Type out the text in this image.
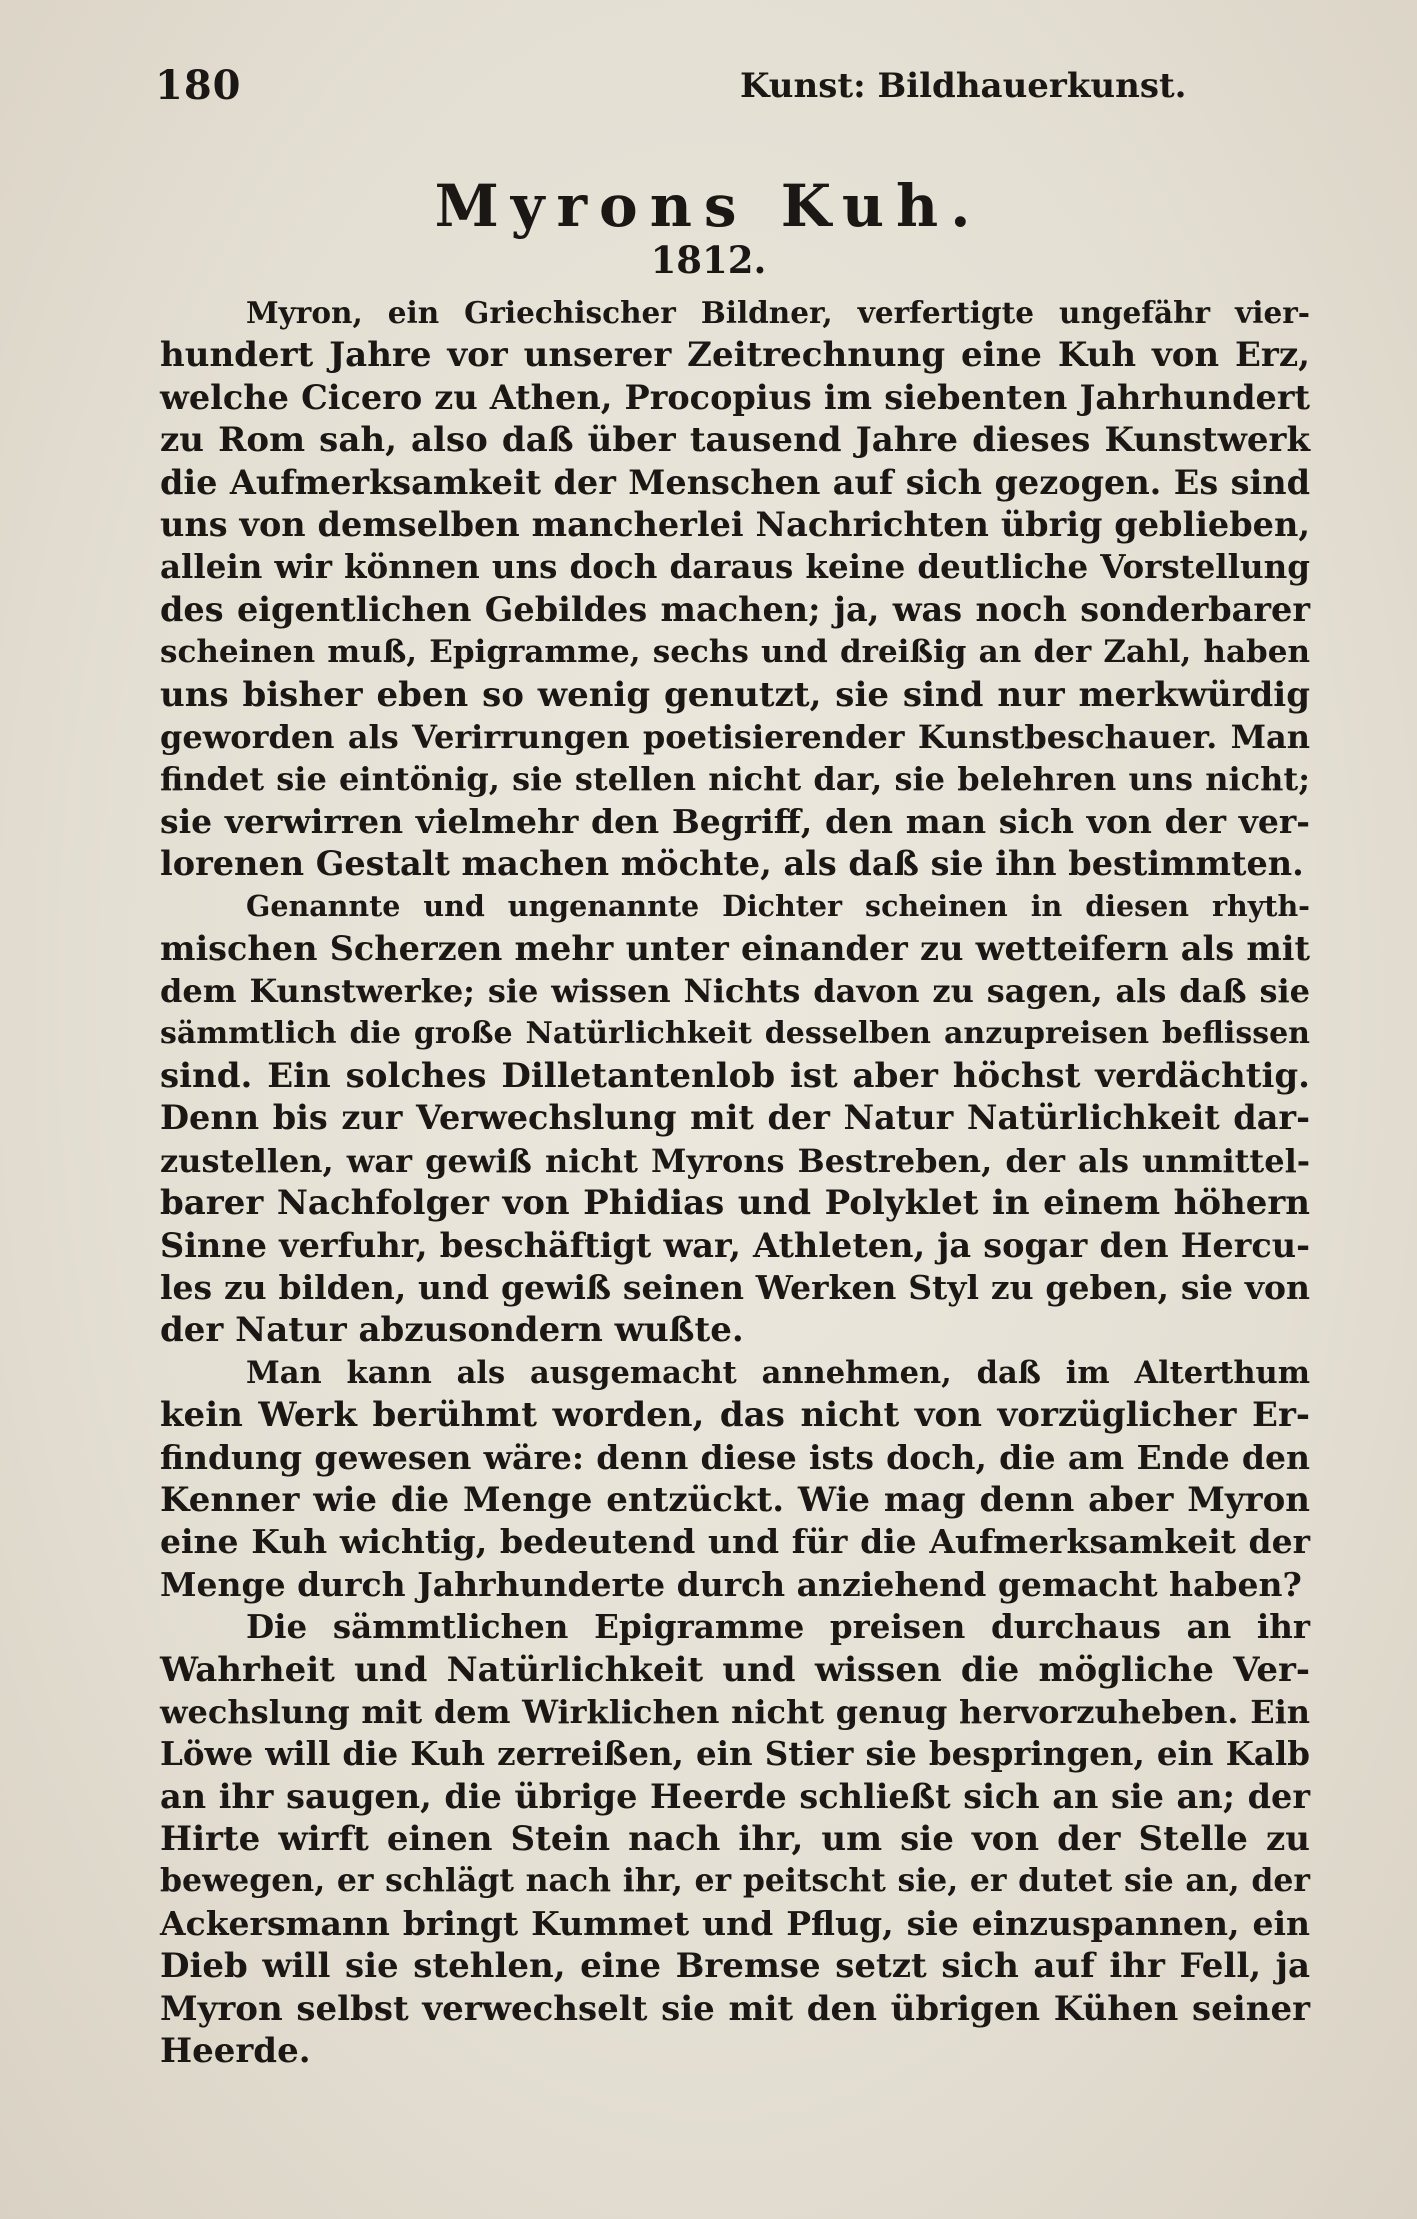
180	Kunst: Bildhauerkunst.
Myrons Kuh.
1812.
Myron, ein Griechischer Bildner, verfertigte ungefähr vier-
hundert Jahre vor unserer Zeitrechnung eine Kuh von Erz,
welche Cicero zu Athen, Procopius im siebenten Jahrhundert
zu Rom sah, also daß über tausend Jahre dieses Kunstwerk
die Aufmerksamkeit der Menschen auf sich gezogen. Es sind
uns von demselben mancherlei Nachrichten übrig geblieben,
allein wir können uns doch daraus keine deutliche Vorstellung
des eigentlichen Gebildes machen; ja, was noch sonderbarer
scheinen muß, Epigramme, sechs und dreißig an der Zahl, haben
uns bisher eben so wenig genutzt, sie sind nur merkwürdig
geworden als Verirrungen poetisierender Kunstbeschauer. Man
findet sie eintönig, sie stellen nicht dar, sie belehren uns nicht;
sie verwirren vielmehr den Begriff, den man sich von der ver-
lorenen Gestalt machen möchte, als daß sie ihn bestimmten.
Genannte und ungenannte Dichter scheinen in diesen rhyth-
mischen Scherzen mehr unter einander zu wetteifern als mit
dem Kunstwerke; sie wissen Nichts davon zu sagen, als daß sie
sämmtlich die große Natürlichkeit desselben anzupreisen beflissen
sind. Ein solches Dilletantenlob ist aber höchst verdächtig.
Denn bis zur Verwechslung mit der Natur Natürlichkeit dar-
zustellen, war gewiß nicht Myrons Bestreben, der als unmittel-
barer Nachfolger von Phidias und Polyklet in einem höhern
Sinne verfuhr, beschäftigt war, Athleten, ja sogar den Hercu-
les zu bilden, und gewiß seinen Werken Styl zu geben, sie von
der Natur abzusondern wußte.
Man kann als ausgemacht annehmen, daß im Alterthum
kein Werk berühmt worden, das nicht von vorzüglicher Er-
findung gewesen wäre: denn diese ists doch, die am Ende den
Kenner wie die Menge entzückt. Wie mag denn aber Myron
eine Kuh wichtig, bedeutend und für die Aufmerksamkeit der
Menge durch Jahrhunderte durch anziehend gemacht haben?
Die sämmtlichen Epigramme preisen durchaus an ihr
Wahrheit und Natürlichkeit und wissen die mögliche Ver-
wechslung mit dem Wirklichen nicht genug hervorzuheben. Ein
Löwe will die Kuh zerreißen, ein Stier sie bespringen, ein Kalb
an ihr saugen, die übrige Heerde schließt sich an sie an; der
Hirte wirft einen Stein nach ihr, um sie von der Stelle zu
bewegen, er schlägt nach ihr, er peitscht sie, er dutet sie an, der
Ackersmann bringt Kummet und Pflug, sie einzuspannen, ein
Dieb will sie stehlen, eine Bremse setzt sich auf ihr Fell, ja
Myron selbst verwechselt sie mit den übrigen Kühen seiner
Heerde.
